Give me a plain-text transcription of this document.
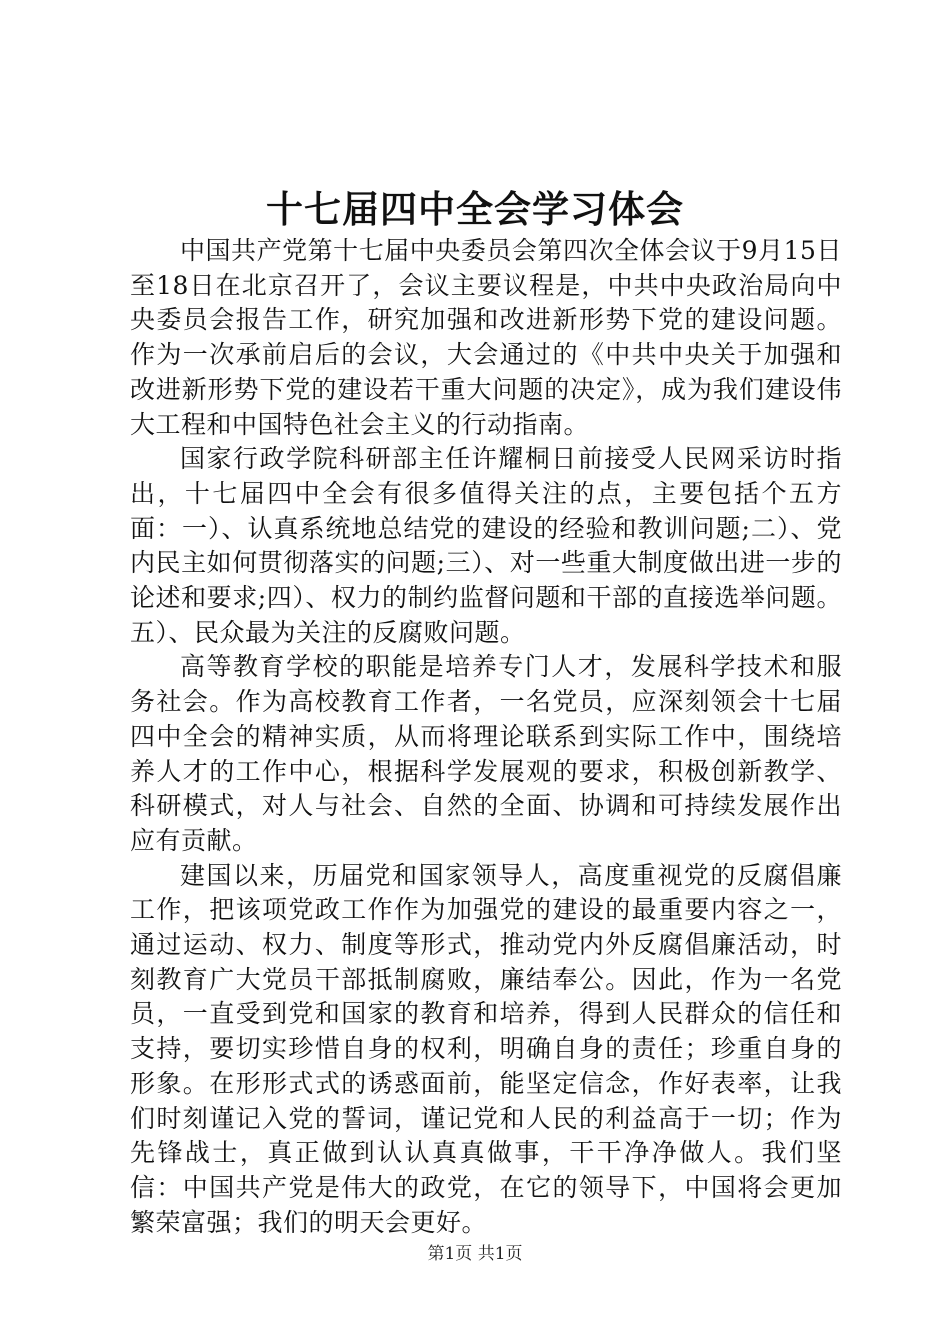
十七届四中全会学习体会

中国共产党第十七届中央委员会第四次全体会议于9月15日至18日在北京召开了，会议主要议程是，中共中央政治局向中央委员会报告工作，研究加强和改进新形势下党的建设问题。作为一次承前启后的会议，大会通过的《中共中央关于加强和改进新形势下党的建设若干重大问题的决定》，成为我们建设伟大工程和中国特色社会主义的行动指南。

国家行政学院科研部主任许耀桐日前接受人民网采访时指出，十七届四中全会有很多值得关注的点，主要包括个五方面：一）、认真系统地总结党的建设的经验和教训问题;二）、党内民主如何贯彻落实的问题;三）、对一些重大制度做出进一步的论述和要求;四）、权力的制约监督问题和干部的直接选举问题。五）、民众最为关注的反腐败问题。

高等教育学校的职能是培养专门人才，发展科学技术和服务社会。作为高校教育工作者，一名党员，应深刻领会十七届四中全会的精神实质，从而将理论联系到实际工作中，围绕培养人才的工作中心，根据科学发展观的要求，积极创新教学、科研模式，对人与社会、自然的全面、协调和可持续发展作出应有贡献。

建国以来，历届党和国家领导人，高度重视党的反腐倡廉工作，把该项党政工作作为加强党的建设的最重要内容之一，通过运动、权力、制度等形式，推动党内外反腐倡廉活动，时刻教育广大党员干部抵制腐败，廉结奉公。因此，作为一名党员，一直受到党和国家的教育和培养，得到人民群众的信任和支持，要切实珍惜自身的权利，明确自身的责任；珍重自身的形象。在形形式式的诱惑面前，能坚定信念，作好表率，让我们时刻谨记入党的誓词，谨记党和人民的利益高于一切；作为先锋战士，真正做到认认真真做事，干干净净做人。我们坚信：中国共产党是伟大的政党，在它的领导下，中国将会更加繁荣富强；我们的明天会更好。

第1页 共1页
